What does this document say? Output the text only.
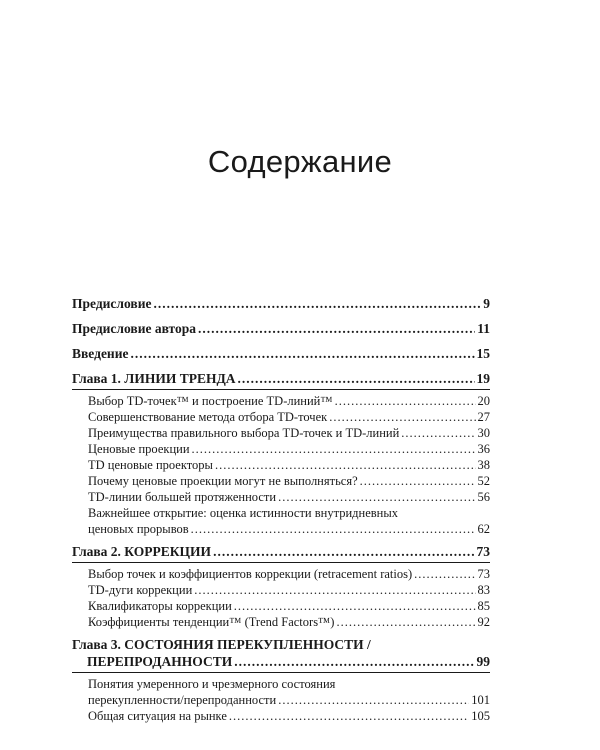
Содержание
Предисловие .....	9
Предисловие автора .....	11
Введение .....	15
Глава 1. ЛИНИИ ТРЕНДА .....	19
Выбор TD-точек™ и построение TD-линий™ .....	20
Совершенствование метода отбора TD-точек .....	27
Преимущества правильного выбора TD-точек и TD-линий .....	30
Ценовые проекции .....	36
TD ценовые проекторы .....	38
Почему ценовые проекции могут не выполняться? .....	52
TD-линии большей протяженности .....	56
Важнейшее открытие: оценка истинности внутридневных
ценовых прорывов .....	62
Глава 2. КОРРЕКЦИИ .....	73
Выбор точек и коэффициентов коррекции (retracement ratios) .....	73
TD-дуги коррекции .....	83
Квалификаторы коррекции .....	85
Коэффициенты тенденции™ (Trend Factors™) .....	92
Глава 3. СОСТОЯНИЯ ПЕРЕКУПЛЕННОСТИ /
ПЕРЕПРОДАННОСТИ .....	99
Понятия умеренного и чрезмерного состояния
перекупленности/перепроданности .....	101
Общая ситуация на рынке .....	105
